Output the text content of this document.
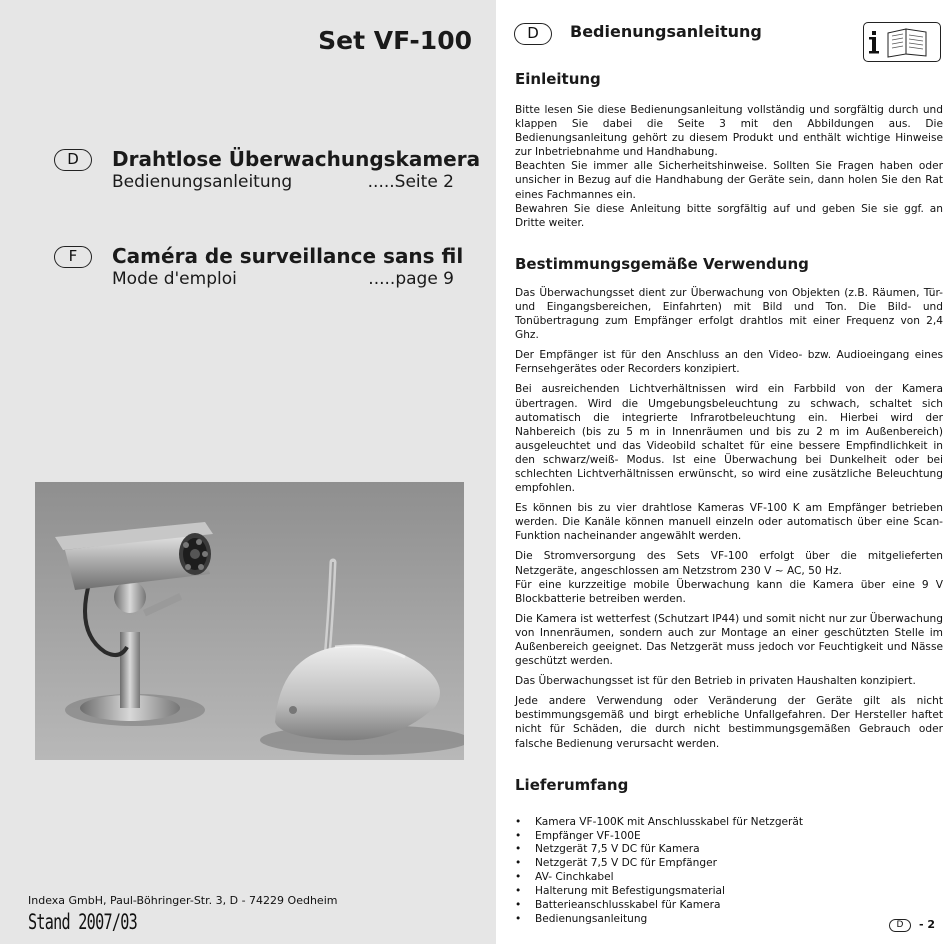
Set VF-100
D	Drahtlose Überwachungskamera
Bedienungsanleitung	.....Seite 2
F	Caméra de surveillance sans fil
Mode d'emploi	.....page 9
Indexa GmbH, Paul-Böhringer-Str. 3, D - 74229 Oedheim
Stand 2007/03
D	Bedienungsanleitung
Einleitung

Bitte lesen Sie diese Bedienungsanleitung vollständig und sorgfältig durch und klappen Sie dabei die Seite 3 mit den Abbildungen aus. Die Bedienungsanleitung gehört zu diesem Produkt und enthält wichtige Hinweise zur Inbetriebnahme und Handhabung.

Beachten Sie immer alle Sicherheitshinweise. Sollten Sie Fragen haben oder unsicher in Bezug auf die Handhabung der Geräte sein, dann holen Sie den Rat eines Fachmannes ein.

Bewahren Sie diese Anleitung bitte sorgfältig auf und geben Sie sie ggf. an Dritte weiter.

Bestimmungsgemäße Verwendung

Das Überwachungsset dient zur Überwachung von Objekten (z.B. Räumen, Tür- und Eingangsbereichen, Einfahrten) mit Bild und Ton. Die Bild- und Tonübertragung zum Empfänger erfolgt drahtlos mit einer Frequenz von 2,4 Ghz.

Der Empfänger ist für den Anschluss an den Video- bzw. Audioeingang eines Fernsehgerätes oder Recorders konzipiert.

Bei ausreichenden Lichtverhältnissen wird ein Farbbild von der Kamera übertragen. Wird die Umgebungsbeleuchtung zu schwach, schaltet sich automatisch die integrierte Infrarotbeleuchtung ein. Hierbei wird der Nahbereich (bis zu 5 m in Innenräumen und bis zu 2 m im Außenbereich) ausgeleuchtet und das Videobild schaltet für eine bessere Empfindlichkeit in den schwarz/weiß- Modus. Ist eine Überwachung bei Dunkelheit oder bei schlechten Lichtverhältnissen erwünscht, so wird eine zusätzliche Beleuchtung empfohlen.

Es können bis zu vier drahtlose Kameras VF-100 K am Empfänger betrieben werden. Die Kanäle können manuell einzeln oder automatisch über eine Scan- Funktion nacheinander angewählt werden.

Die Stromversorgung des Sets VF-100 erfolgt über die mitgelieferten Netzgeräte, angeschlossen am Netzstrom 230 V ~ AC, 50 Hz.

Für eine kurzzeitige mobile Überwachung kann die Kamera über eine 9 V Blockbatterie betreiben werden.

Die Kamera ist wetterfest (Schutzart IP44) und somit nicht nur zur Überwachung von Innenräumen, sondern auch zur Montage an einer geschützten Stelle im Außenbereich geeignet. Das Netzgerät muss jedoch vor Feuchtigkeit und Nässe geschützt werden.

Das Überwachungsset ist für den Betrieb in privaten Haushalten konzipiert.

Jede andere Verwendung oder Veränderung der Geräte gilt als nicht bestimmungsgemäß und birgt erhebliche Unfallgefahren. Der Hersteller haftet nicht für Schäden, die durch nicht bestimmungsgemäßen Gebrauch oder falsche Bedienung verursacht werden.

Lieferumfang
• Kamera VF-100K mit Anschlusskabel für Netzgerät
• Empfänger VF-100E
• Netzgerät 7,5 V DC für Kamera
• Netzgerät 7,5 V DC für Empfänger
• AV- Cinchkabel
• Halterung mit Befestigungsmaterial
• Batterieanschlusskabel für Kamera
• Bedienungsanleitung	D	- 2
